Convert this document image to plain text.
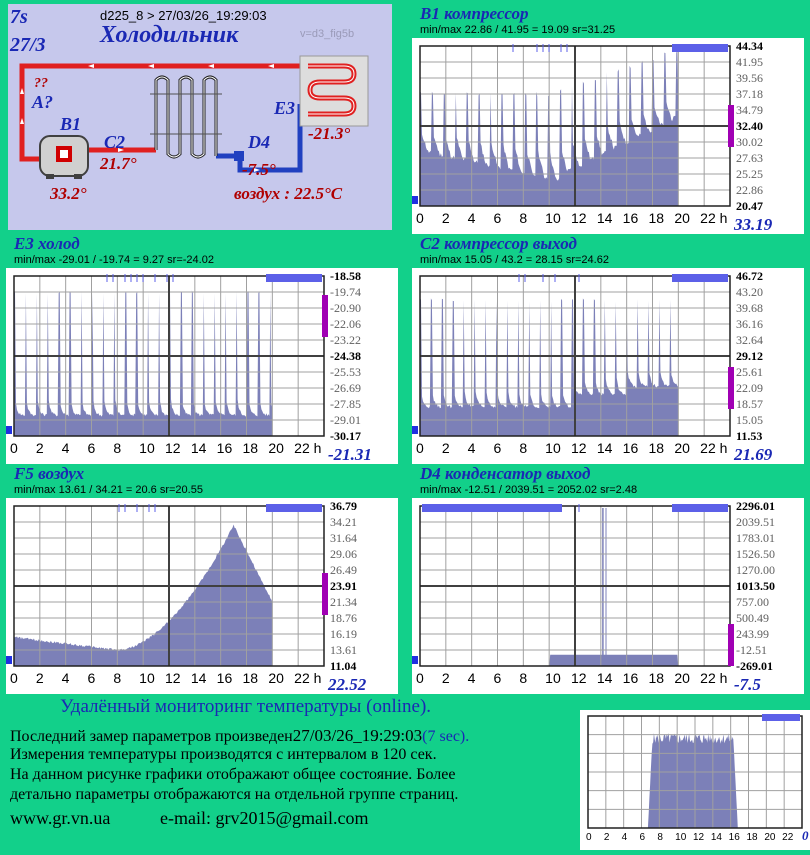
7s
27/3
d225_8 > 27/03/26_19:29:03
Холодильник	v=d3_fig5b
??
A?
B1
C2	D4
E3
33.2°
21.7°	-7.5°
-21.3°
воздух : 22.5°C
B1 компрессор
min/max 22.86 / 41.95 = 19.09 sr=31.25
44.34
41.95
39.56
37.18
34.79
32.40
30.02
27.63
25.25
22.86
20.47
0 2 4 6 8 10 12 14 16 18 20 22 h 33.19
E3 холод
min/max -29.01 / -19.74 = 9.27 sr=-24.02
-18.58
-19.74
-20.90
-22.06
-23.22
-24.38
-25.53
-26.69
-27.85
-29.01
-30.17
0 2 4 6 8 10 12 14 16 18 20 22 h -21.31
C2 компрессор выход
min/max 15.05 / 43.2 = 28.15 sr=24.62
46.72
43.20
39.68
36.16
32.64
29.12
25.61
22.09
18.57
15.05
11.53
0 2 4 6 8 10 12 14 16 18 20 22 h 21.69
F5 воздух
min/max 13.61 / 34.21 = 20.6 sr=20.55
36.79
34.21
31.64
29.06
26.49
23.91
21.34
18.76
16.19
13.61
11.04
0 2 4 6 8 10 12 14 16 18 20 22 h 22.52
D4 конденсатор выход
min/max -12.51 / 2039.51 = 2052.02 sr=2.48
2296.01
2039.51
1783.01
1526.50
1270.00
1013.50
757.00
500.49
243.99
-12.51
-269.01
0 2 4 6 8 10 12 14 16 18 20 22 h -7.5
0 2 4 6 8 10 12 14 16 18 20 22 0
Удалённый мониторинг температуры (online).
Последний замер параметров произведен27/03/26_19:29:03(7 sec).
Измерения температуры производятся с интервалом в 120 сек.
На данном рисунке графики отображают общее состояние. Более
детально параметры отображаются на отдельной группе страниц.
www.gr.vn.ua	e-mail: grv2015@gmail.com
